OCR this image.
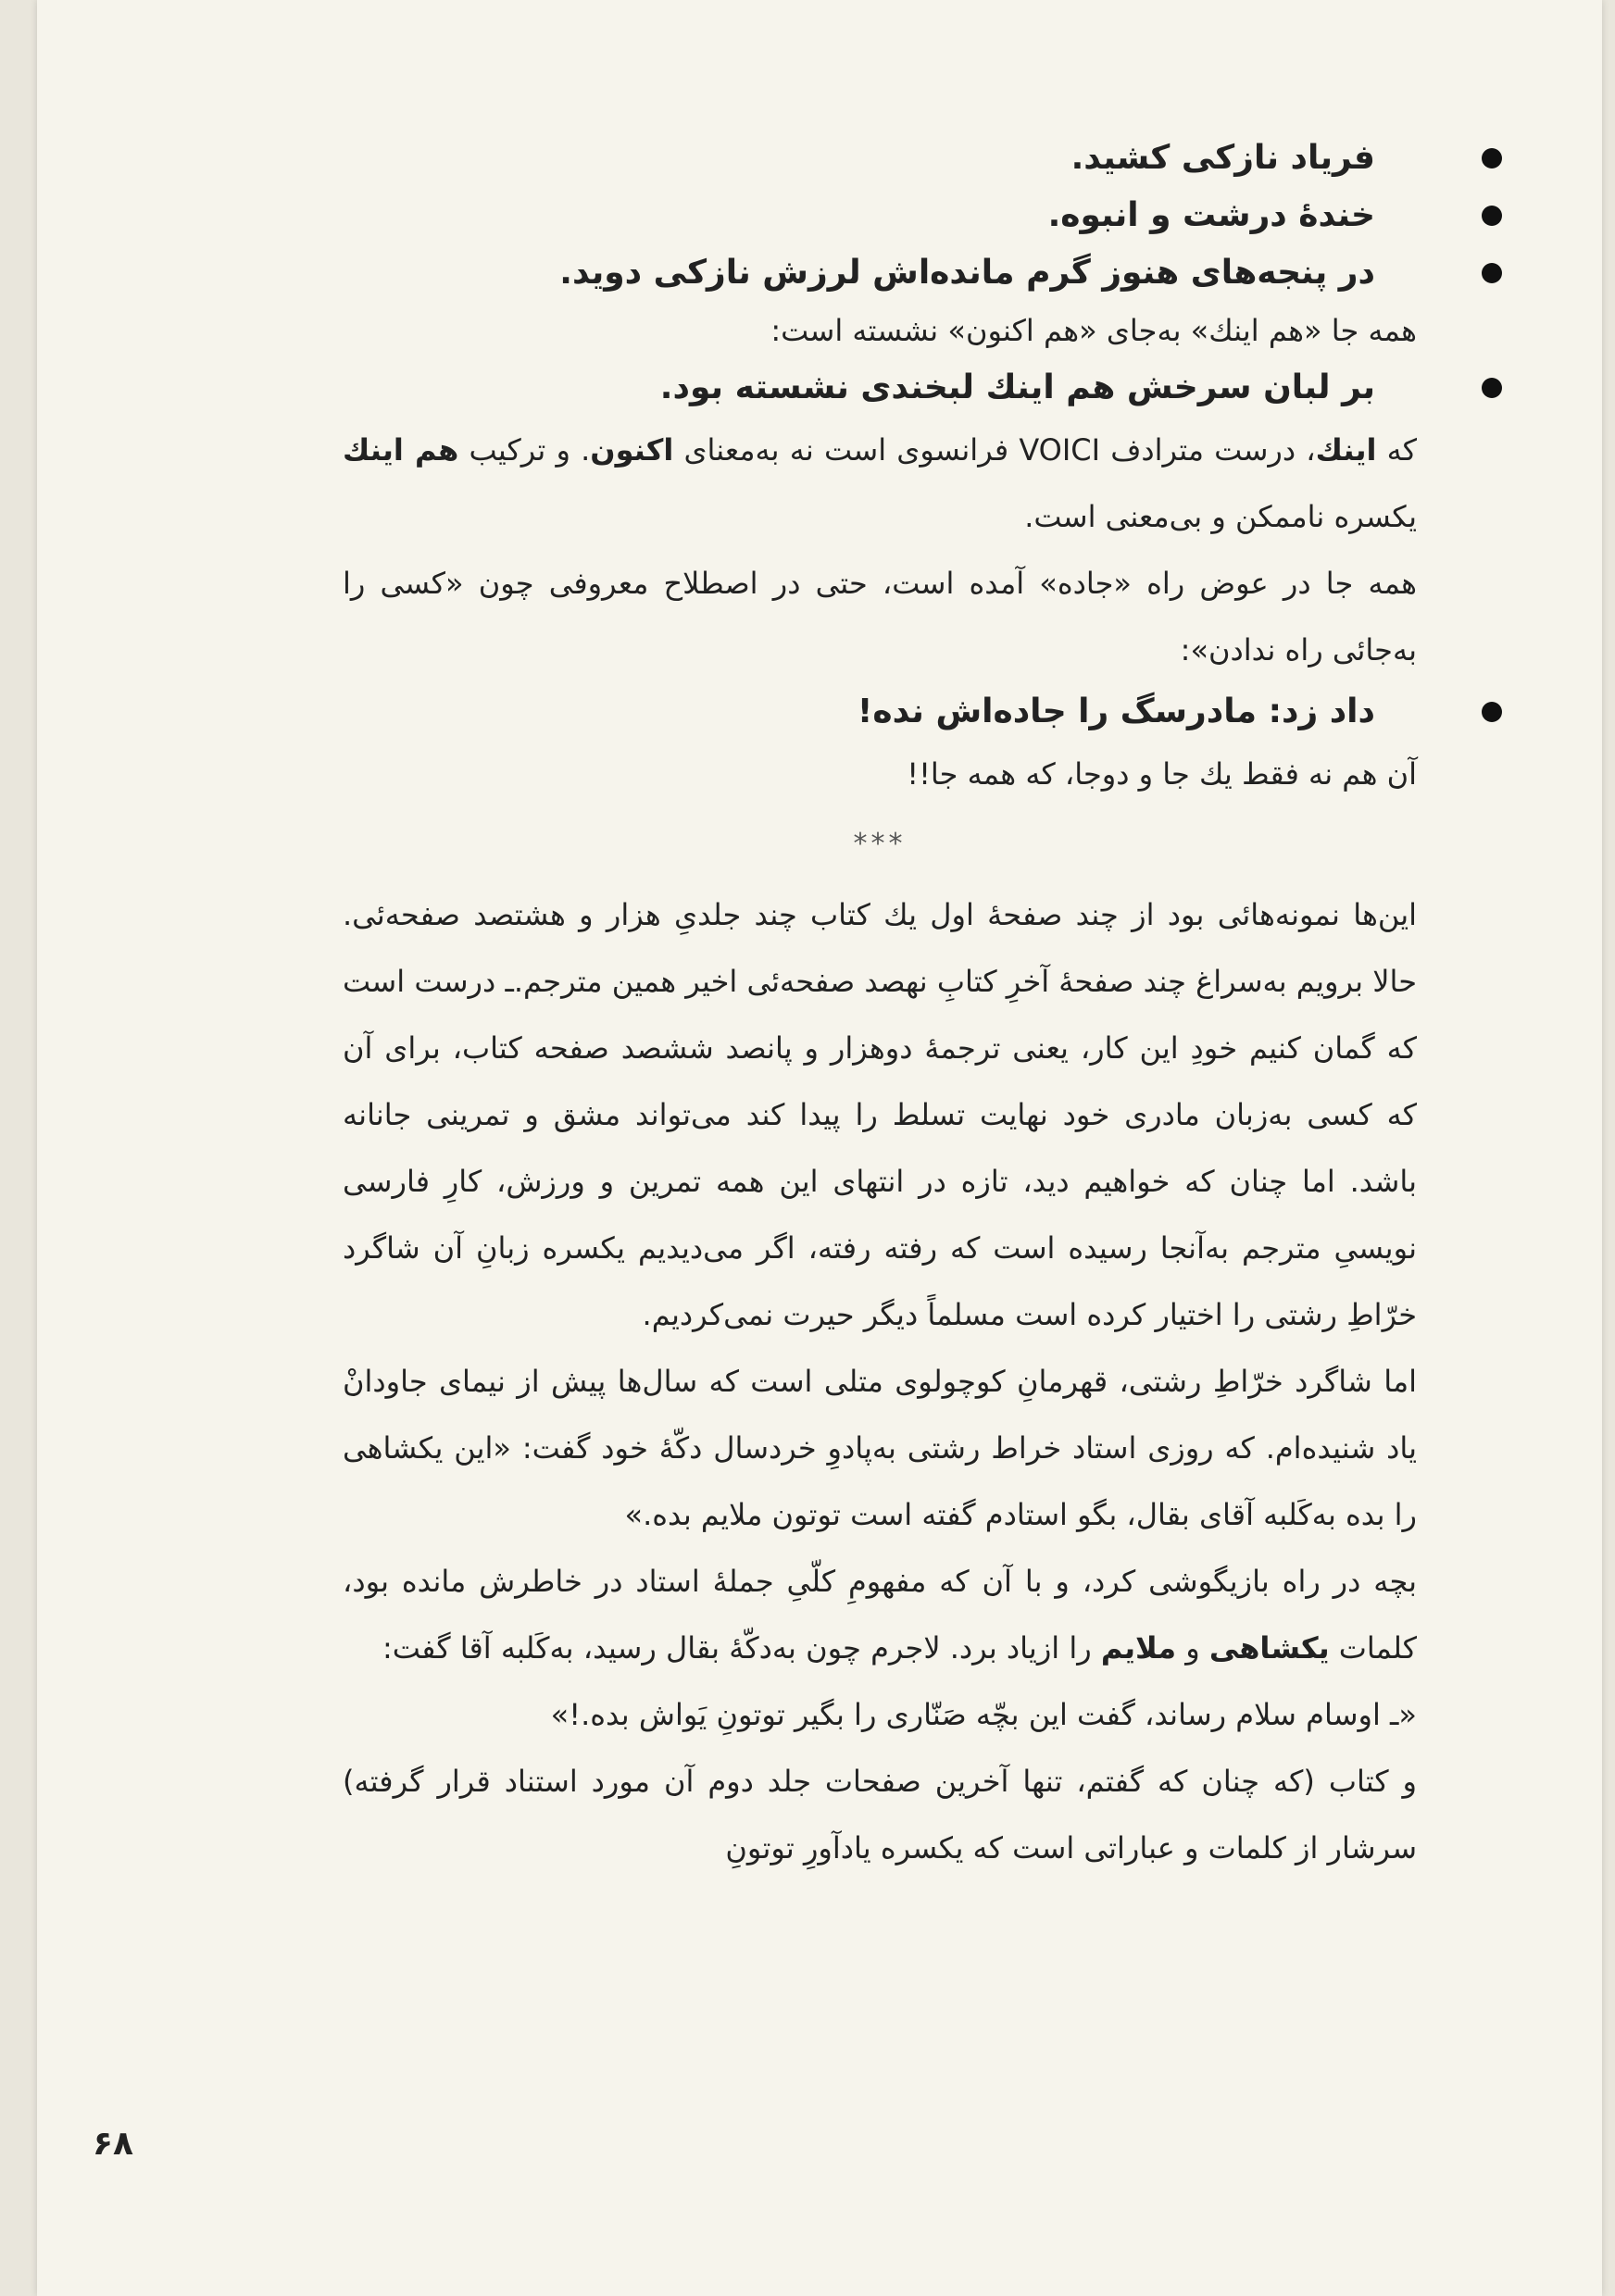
فریاد نازکی کشید.
خندهٔ درشت و انبوه.
در پنجه‌های هنوز گرم مانده‌اش لرزش نازکی دوید.
همه جا «هم اینك» به‌جای «هم اکنون» نشسته است:
بر لبان سرخش هم اینك لبخندی نشسته بود.

که اینك، درست مترادف VOICI فرانسوی است نه به‌معنای اکنون. و ترکیب هم اینك یکسره ناممکن و بی‌معنی است.

همه جا در عوض راه «جاده» آمده است، حتی در اصطلاح معروفی چون «کسی را به‌جائی راه ندادن»:

داد زد: مادرسگ را جاده‌اش نده!

آن هم نه فقط یك جا و دوجا، که همه جا!!

***

این‌ها نمونه‌هائی بود از چند صفحهٔ اول یك کتاب چند جلدیِ هزار و هشتصد صفحه‌ئی. حالا برویم به‌سراغ چند صفحهٔ آخرِ کتابِ نهصد صفحه‌ئی اخیر همین مترجم.ـ درست است که گمان کنیم خودِ این کار، یعنی ترجمهٔ دوهزار و پانصد ششصد صفحه کتاب، برای آن که کسی به‌زبان مادری خود نهایت تسلط را پیدا کند می‌تواند مشق و تمرینی جانانه باشد. اما چنان که خواهیم دید، تازه در انتهای این همه تمرین و ورزش، کارِ فارسی نویسیِ مترجم به‌آنجا رسیده است که رفته رفته، اگر می‌دیدیم یکسره زبانِ آن شاگرد خرّاطِ رشتی را اختیار کرده است مسلماً دیگر حیرت نمی‌کردیم.

اما شاگرد خرّاطِ رشتی، قهرمانِ کوچولوی متلی است که سال‌ها پیش از نیمای جاودانْ یاد شنیده‌ام. که روزی استاد خراط رشتی به‌پادوِ خردسال دکّهٔ خود گفت: «این یکشاهی را بده به‌کَلبه آقای بقال، بگو استادم گفته است توتون ملایم بده.»

بچه در راه بازیگوشی کرد، و با آن که مفهومِ کلّیِ جملهٔ استاد در خاطرش مانده بود، کلمات یکشاهی و ملایم را ازیاد برد. لاجرم چون به‌دکّهٔ بقال رسید، به‌کَلبه آقا گفت:

«ـ اوسام سلام رساند، گفت این بچّه صَنّاری را بگیر توتونِ یَواش بده.!»

و کتاب (که چنان که گفتم، تنها آخرین صفحات جلد دوم آن مورد استناد قرار گرفته) سرشار از کلمات و عباراتی است که یکسره یادآورِ توتونِ

۶۸
